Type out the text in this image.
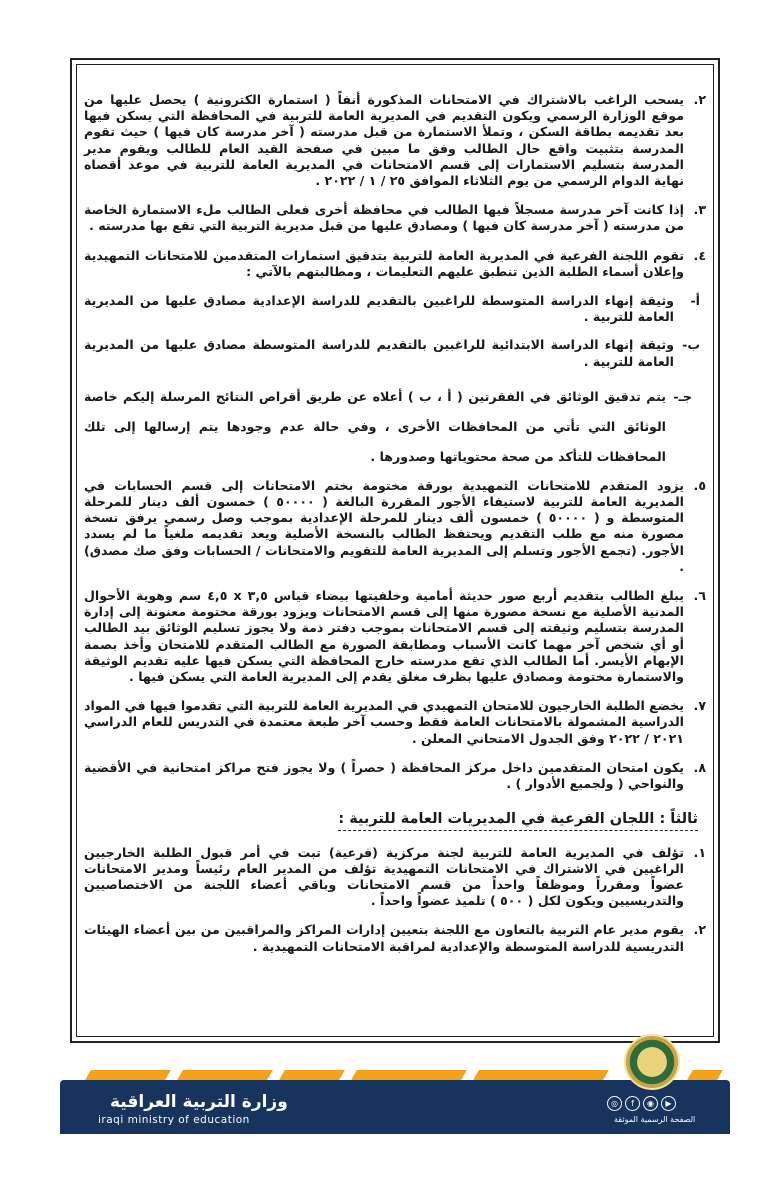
٢.
يسحب الراغب بالاشتراك في الامتحانات المذكورة أنفاً ( استمارة الكترونية ) يحصل عليها من موقع الوزارة الرسمي ويكون التقديم في المديرية العامة للتربية في المحافظة التي يسكن فيها بعد تقديمه بطاقة السكن ، وتملأ الاستمارة من قبل مدرسته ( آخر مدرسة كان فيها ) حيث تقوم المدرسة بتثبيت واقع حال الطالب وفق ما مبين في صفحة القيد العام للطالب ويقوم مدير المدرسة بتسليم الاستمارات إلى قسم الامتحانات في المديرية العامة للتربية في موعد أقصاه نهاية الدوام الرسمي من يوم الثلاثاء الموافق ٢٥ / ١ / ٢٠٢٢ .
٣.
إذا كانت آخر مدرسة مسجلاً فيها الطالب في محافظة أخرى فعلى الطالب ملء الاستمارة الخاصة من مدرسته ( آخر مدرسة كان فيها ) ومصادق عليها من قبل مديرية التربية التي تقع بها مدرسته .
٤.
تقوم اللجنة الفرعية في المديرية العامة للتربية بتدقيق استمارات المتقدمين للامتحانات التمهيدية وإعلان أسماء الطلبة الذين تنطبق عليهم التعليمات ، ومطالبتهم بالآتي :
أ-
وثيقة إنهاء الدراسة المتوسطة للراغبين بالتقديم للدراسة الإعدادية مصادق عليها من المديرية العامة للتربية .
ب-
وثيقة إنهاء الدراسة الابتدائية للراغبين بالتقديم للدراسة المتوسطة مصادق عليها من المديرية العامة للتربية .
جـ-
يتم تدقيق الوثائق في الفقرتين ( أ ، ب ) أعلاه عن طريق أقراص النتائج المرسلة إليكم خاصة الوثائق التي تأتي من المحافظات الأخرى ، وفي حالة عدم وجودها يتم إرسالها إلى تلك المحافظات للتأكد من صحة محتوياتها وصدورها .
٥.
يزود المتقدم للامتحانات التمهيدية بورقة مختومة بختم الامتحانات إلى قسم الحسابات في المديرية العامة للتربية لاستيفاء الأجور المقررة البالغة ( ٥٠٠٠٠ ) خمسون ألف دينار للمرحلة المتوسطة و ( ٥٠٠٠٠ ) خمسون ألف دينار للمرحلة الإعدادية بموجب وصل رسمي يرفق نسخة مصورة منه مع طلب التقديم ويحتفظ الطالب بالنسخة الأصلية ويعد تقديمه ملغياً ما لم يسدد الأجور. (تجمع الأجور وتسلم إلى المديرية العامة للتقويم والامتحانات / الحسابات وفق صك مصدق) .
٦.
يبلغ الطالب بتقديم أربع صور حديثة أمامية وخلفيتها بيضاء قياس ٣,٥ x ٤,٥ سم وهوية الأحوال المدنية الأصلية مع نسخة مصورة منها إلى قسم الامتحانات ويزود بورقة مختومة معنونة إلى إدارة المدرسة بتسليم وثيقته إلى قسم الامتحانات بموجب دفتر ذمة ولا يجوز تسليم الوثائق بيد الطالب أو أي شخص آخر مهما كانت الأسباب ومطابقة الصورة مع الطالب المتقدم للامتحان وأخذ بصمة الإبهام الأيسر. أما الطالب الذي تقع مدرسته خارج المحافظة التي يسكن فيها عليه تقديم الوثيقة والاستمارة مختومة ومصادق عليها بظرف مغلق يقدم إلى المديرية العامة التي يسكن فيها .
٧.
يخضع الطلبة الخارجيون للامتحان التمهيدي في المديرية العامة للتربية التي تقدموا فيها في المواد الدراسية المشمولة بالامتحانات العامة فقط وحسب آخر طبعة معتمدة في التدريس للعام الدراسي ٢٠٢١ / ٢٠٢٢ وفق الجدول الامتحاني المعلن .
٨.
يكون امتحان المتقدمين داخل مركز المحافظة ( حصراً ) ولا يجوز فتح مراكز امتحانية في الأقضية والنواحي ( ولجميع الأدوار ) .
ثالثاً : اللجان الفرعية في المديريات العامة للتربية :
١.
تؤلف في المديرية العامة للتربية لجنة مركزية (فرعية) تبت في أمر قبول الطلبة الخارجيين الراغبين في الاشتراك في الامتحانات التمهيدية تؤلف من المدير العام رئيساً ومدير الامتحانات عضواً ومقرراً وموظفاً واحداً من قسم الامتحانات وباقي أعضاء اللجنة من الاختصاصيين والتدريسيين ويكون لكل ( ٥٠٠ ) تلميذ عضواً واحداً .
٢.
يقوم مدير عام التربية بالتعاون مع اللجنة بتعيين إدارات المراكز والمراقبين من بين أعضاء الهيئات التدريسية للدراسة المتوسطة والإعدادية لمراقبة الامتحانات التمهيدية .
وزارة التربية العراقية
iraqi ministry of education
◎	f	◉	▶
الصفحة الرسمية الموثقة
